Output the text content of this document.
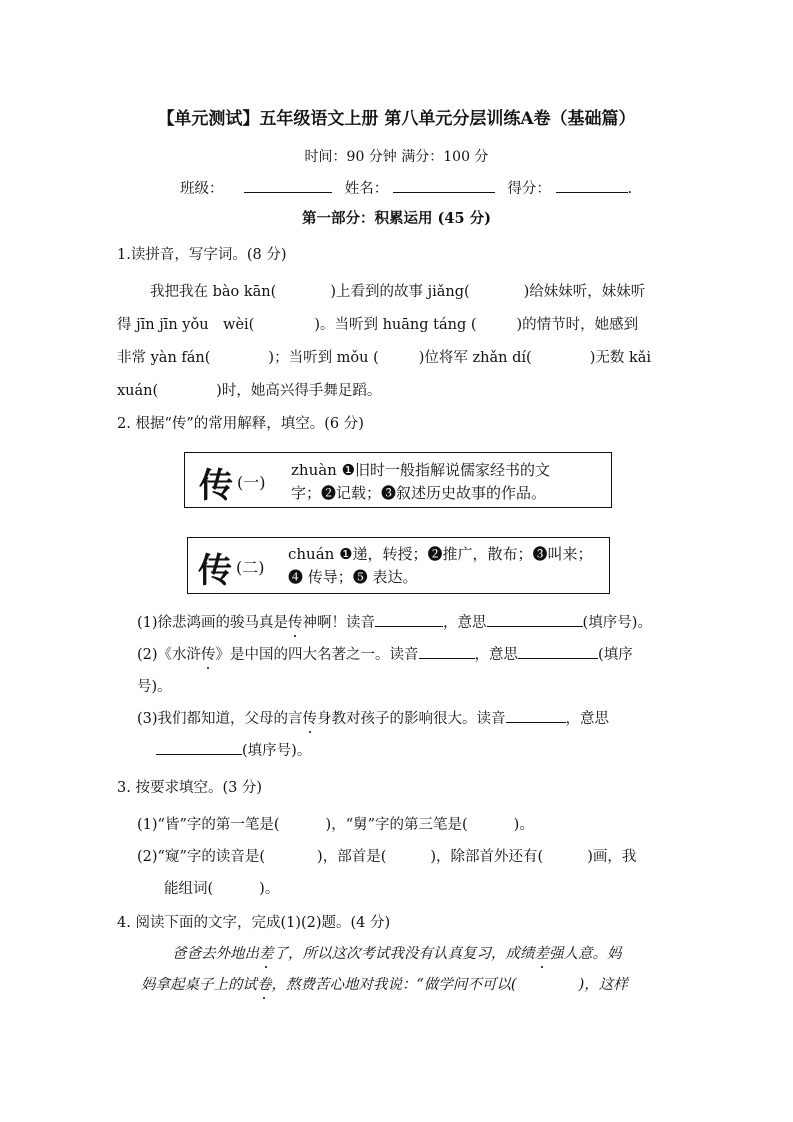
【单元测试】五年级语文上册 第八单元分层训练A卷（基础篇）
时间：90 分钟 满分：100 分
班级：	姓名：	得分：	.
第一部分：积累运用 (45 分)
1.读拼音，写字词。(8 分)
我把我在 bào kān(	)上看到的故事 jiǎng(	)给妹妹听，妹妹听
得 jīn jīn yǒu　wèi(	)。当听到 huāng táng (	)的情节时，她感到
非常 yàn fán(	)；当听到 mǒu (	)位将军 zhǎn dí(	)无数 kǎi
xuán(	)时，她高兴得手舞足蹈。
2. 根据“传”的常用解释，填空。(6 分)
传 (一)
zhuàn ❶旧时一般指解说儒家经书的文
字；❷记载；❸叙述历史故事的作品。
传 (二)
chuán ❶递，转授；❷推广，散布；❸叫来；
❹ 传导；❺ 表达。
(1)徐悲鸿画的骏马真是传神啊！读音	，意思	(填序号)。
(2)《水浒传》是中国的四大名著之一。读音	，意思	(填序
号)。
(3)我们都知道，父母的言传身教对孩子的影响很大。读音	，意思
(填序号)。
3. 按要求填空。(3 分)
(1)“皆”字的第一笔是(	)，“舅”字的第三笔是(	)。
(2)“窥”字的读音是(	)，部首是(	)，除部首外还有(	)画，我
能组词(	)。
4. 阅读下面的文字，完成(1)(2)题。(4 分)
爸爸去外地出差了，所以这次考试我没有认真复习，成绩差强人意。妈
妈拿起桌子上的试卷，熬费苦心地对我说：“做学问不可以(	)，这样
